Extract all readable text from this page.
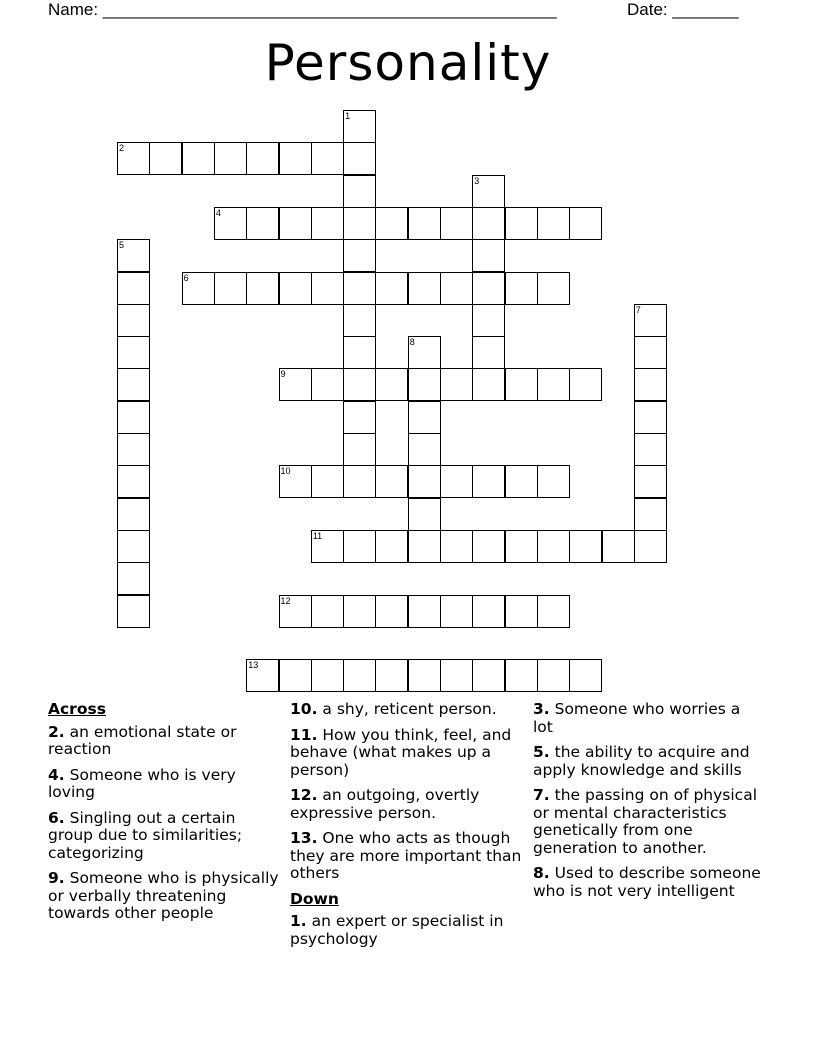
Name: ________________________________________________	Date: _______
Personality
1
2
3
4
5
6
7
8
9
10
11
12
13
Across
2. an emotional state or reaction
4. Someone who is very loving
6. Singling out a certain group due to similarities; categorizing
9. Someone who is physically or verbally threatening towards other people
10. a shy, reticent person.
11. How you think, feel, and behave (what makes up a person)
12. an outgoing, overtly expressive person.
13. One who acts as though they are more important than others
Down
1. an expert or specialist in psychology
3. Someone who worries a lot
5. the ability to acquire and apply knowledge and skills
7. the passing on of physical or mental characteristics genetically from one generation to another.
8. Used to describe someone who is not very intelligent
